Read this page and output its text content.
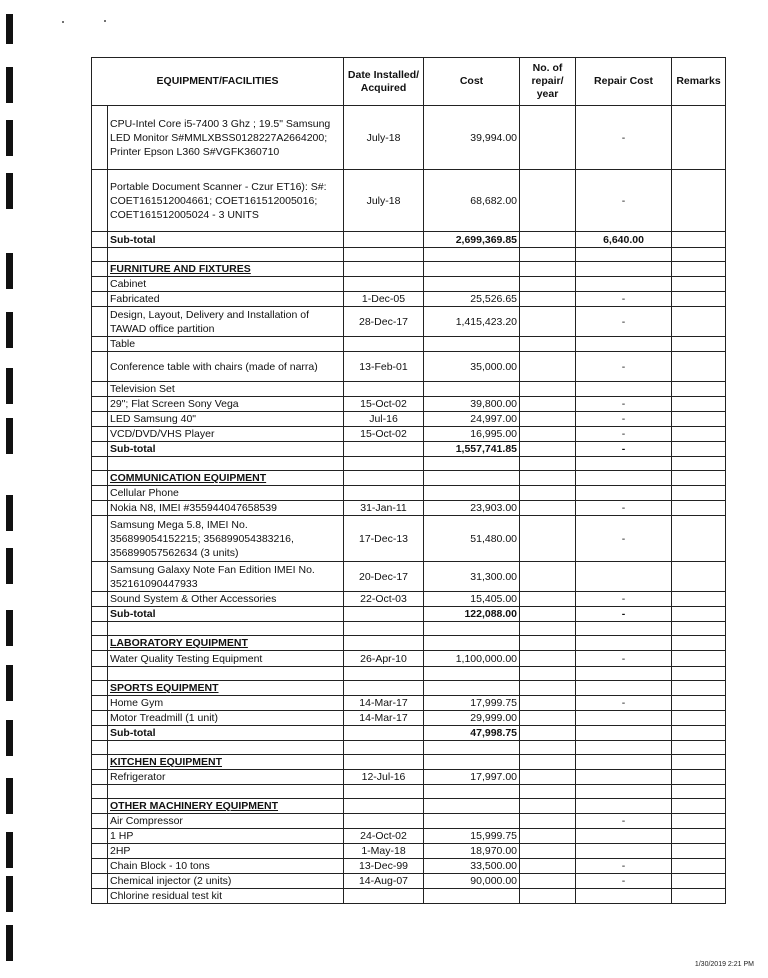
EQUIPMENT/FACILITIES		Date Installed/ Acquired	Cost	No. of repair/ year	Repair Cost	Remarks
	CPU-Intel Core i5-7400 3 Ghz ; 19.5" Samsung LED Monitor S#MMLXBSS0128227A2664200; Printer Epson L360 S#VGFK360710	July-18	39,994.00		-	
	Portable Document Scanner - Czur ET16): S#: COET161512004661; COET161512005016; COET161512005024 - 3 UNITS	July-18	68,682.00		-	
	Sub-total		2,699,369.85		6,640.00	

	FURNITURE AND FIXTURES					
	Cabinet					
	Fabricated	1-Dec-05	25,526.65		-	
	Design, Layout, Delivery and Installation of TAWAD office partition	28-Dec-17	1,415,423.20		-	
	Table					
	Conference table with chairs (made of narra)	13-Feb-01	35,000.00		-	
	Television Set					
	29"; Flat Screen Sony Vega	15-Oct-02	39,800.00		-	
	LED Samsung 40"	Jul-16	24,997.00		-	
	VCD/DVD/VHS Player	15-Oct-02	16,995.00		-	
	Sub-total		1,557,741.85		-	

	COMMUNICATION EQUIPMENT					
	Cellular Phone					
	Nokia N8, IMEI #355944047658539	31-Jan-11	23,903.00		-	
	Samsung Mega 5.8, IMEI No. 356899054152215; 356899054383216, 356899057562634 (3 units)	17-Dec-13	51,480.00		-	
	Samsung Galaxy Note Fan Edition IMEI No. 352161090447933	20-Dec-17	31,300.00			
	Sound System & Other Accessories	22-Oct-03	15,405.00		-	
	Sub-total		122,088.00		-	

	LABORATORY EQUIPMENT					
	Water Quality Testing Equipment	26-Apr-10	1,100,000.00		-	

	SPORTS EQUIPMENT					
	Home Gym	14-Mar-17	17,999.75		-	
	Motor Treadmill (1 unit)	14-Mar-17	29,999.00			
	Sub-total		47,998.75			

	KITCHEN EQUIPMENT					
	Refrigerator	12-Jul-16	17,997.00			

	OTHER MACHINERY EQUIPMENT					
	Air Compressor				-	
	1 HP	24-Oct-02	15,999.75			
	2HP	1-May-18	18,970.00			
	Chain Block - 10 tons	13-Dec-99	33,500.00		-	
	Chemical injector (2 units)	14-Aug-07	90,000.00		-	
	Chlorine residual test kit					
1/30/2019 2:21 PM
